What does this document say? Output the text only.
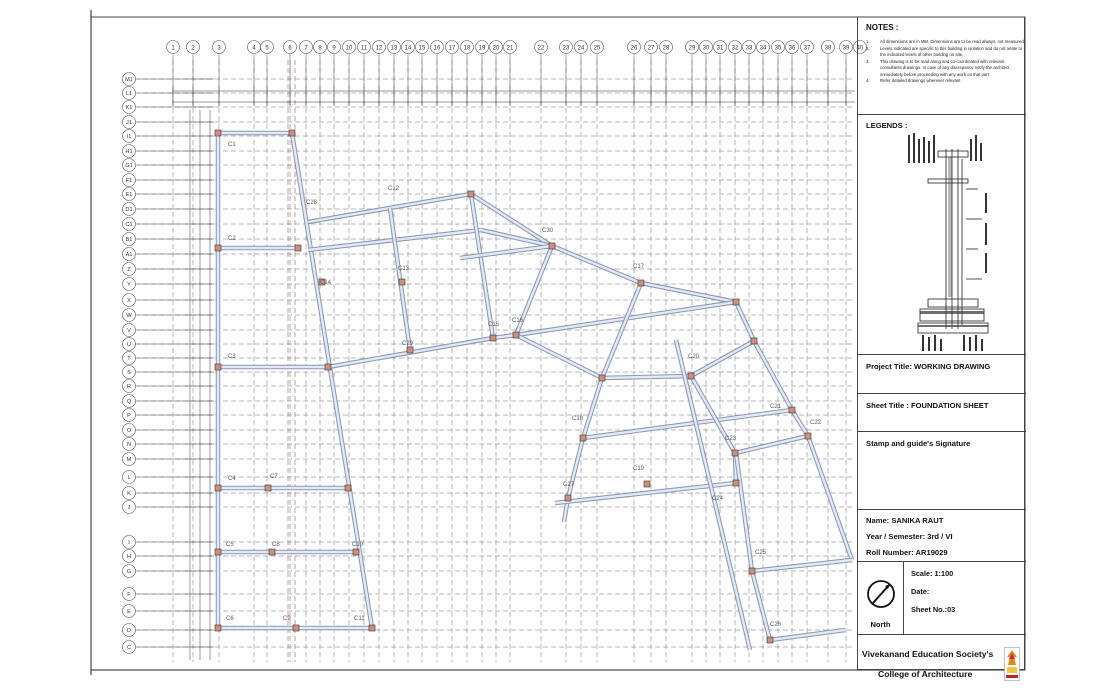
C1
C2
C3
C4
C5
C6
C7
C8
C9
C10
C11
C12
C13
C14
C15
C16
C17
C18
C19
C20
C21
C22
C23
C24
C25
C26
C27
C28
C29
C30
1	2	3	4 5	6 7 8 9 10 11 12 13 14 15 16 17 18 19 20 21	22	23 24 25	26 27 28	29 30 31 32 33 34 35 36 37 38 39 40
M1
L1
K1
J1
I1
H1
G1
F1
E1
D1
C1
B1
A1
Z
Y
X
W
V
U
T
S
R
Q
P
O
N
M
L
K
J
I
H
G
F
E
D
C
NOTES :
1. All dimensions are in MM. Dimensions are to be read always, not measured.
2. Levels indicated are specific to this building in isolation and do not relate to the indicated levels of other building on site.
3. This drawing is to be read along and co-coordinated with relevant consultants drawings. In case of any discrepancy notify the architect immediately before proceeding with any work on that part.
4. Refer detailed drawings wherever relevant.
LEGENDS :
Project Title: WORKING DRAWING
Sheet Title : FOUNDATION SHEET
Stamp and guide's Signature
Name: SANIKA RAUT
Year / Semester: 3rd / VI
Roll Number: AR19029
North
Scale: 1:100
Date:
Sheet No.:03
Vivekanand Education Society's
College of Architecture
